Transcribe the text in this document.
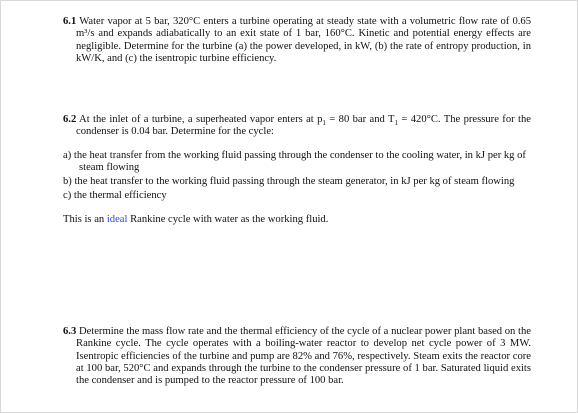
6.1 Water vapor at 5 bar, 320°C enters a turbine operating at steady state with a volumetric flow rate of 0.65 m³/s and expands adiabatically to an exit state of 1 bar, 160°C. Kinetic and potential energy effects are negligible. Determine for the turbine (a) the power developed, in kW, (b) the rate of entropy production, in kW/K, and (c) the isentropic turbine efficiency.

6.2 At the inlet of a turbine, a superheated vapor enters at $p_1 = 80$ bar and $T_1 = 420^\circ C$. The pressure for the condenser is 0.04 bar. Determine for the cycle:

a) the heat transfer from the working fluid passing through the condenser to the cooling water, in kJ per kg of steam flowing
b) the heat transfer to the working fluid passing through the steam generator, in kJ per kg of steam flowing
c) the thermal efficiency

This is an ideal Rankine cycle with water as the working fluid.

6.3 Determine the mass flow rate and the thermal efficiency of the cycle of a nuclear power plant based on the Rankine cycle. The cycle operates with a boiling-water reactor to develop net cycle power of 3 MW. Isentropic efficiencies of the turbine and pump are 82% and 76%, respectively. Steam exits the reactor core at 100 bar, 520°C and expands through the turbine to the condenser pressure of 1 bar. Saturated liquid exits the condenser and is pumped to the reactor pressure of 100 bar.
